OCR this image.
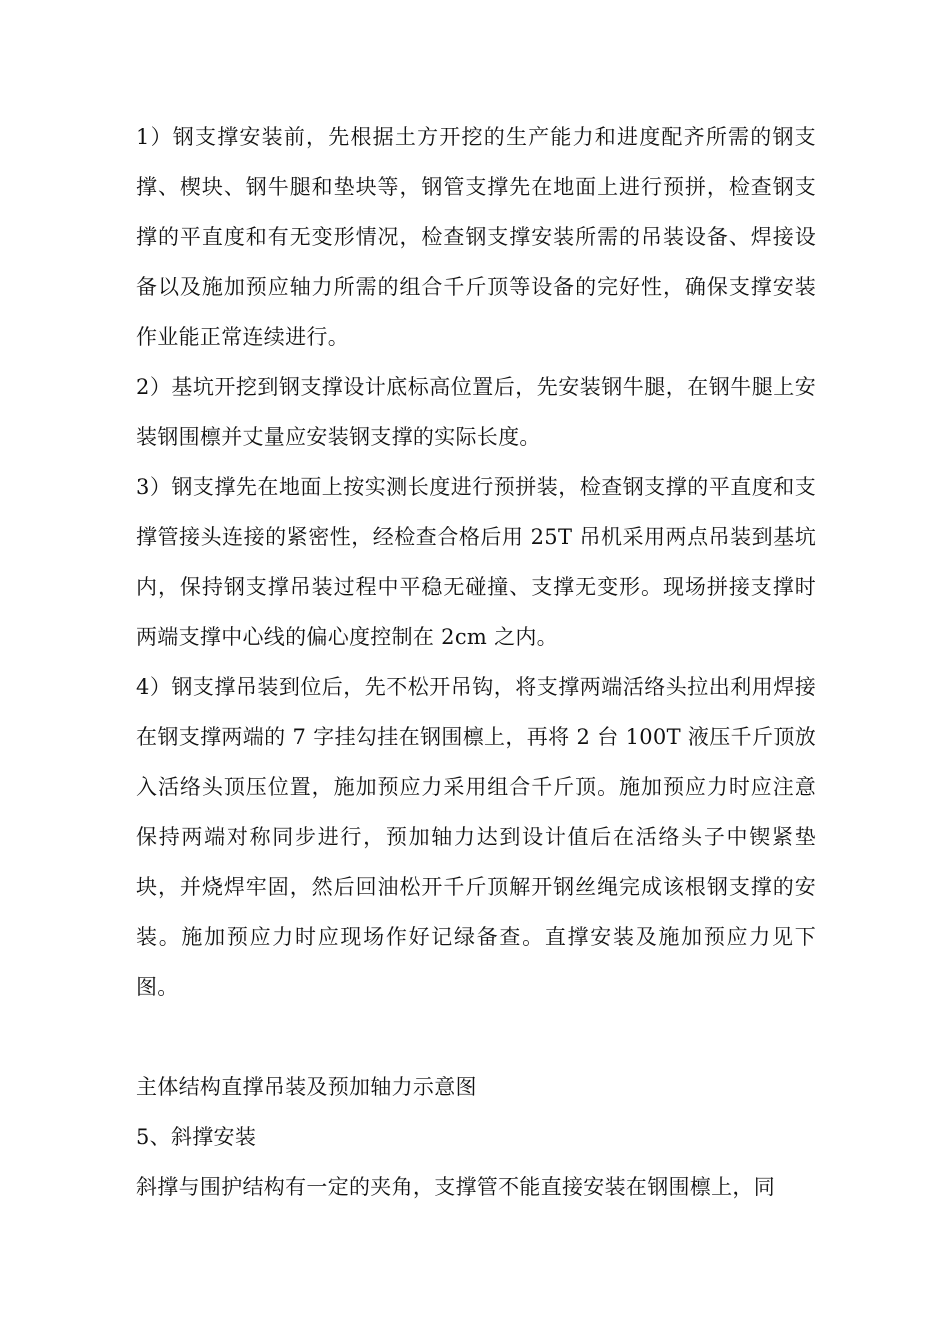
1）钢支撑安装前，先根据土方开挖的生产能力和进度配齐所需的钢支撑、楔块、钢牛腿和垫块等，钢管支撑先在地面上进行预拼，检查钢支撑的平直度和有无变形情况，检查钢支撑安装所需的吊装设备、焊接设备以及施加预应轴力所需的组合千斤顶等设备的完好性，确保支撑安装作业能正常连续进行。

2）基坑开挖到钢支撑设计底标高位置后，先安装钢牛腿，在钢牛腿上安装钢围檩并丈量应安装钢支撑的实际长度。

3）钢支撑先在地面上按实测长度进行预拼装，检查钢支撑的平直度和支撑管接头连接的紧密性，经检查合格后用 25T 吊机采用两点吊装到基坑内，保持钢支撑吊装过程中平稳无碰撞、支撑无变形。现场拼接支撑时两端支撑中心线的偏心度控制在 2cm 之内。

4）钢支撑吊装到位后，先不松开吊钩，将支撑两端活络头拉出利用焊接在钢支撑两端的 7 字挂勾挂在钢围檩上，再将 2 台 100T 液压千斤顶放入活络头顶压位置，施加预应力采用组合千斤顶。施加预应力时应注意保持两端对称同步进行，预加轴力达到设计值后在活络头子中锲紧垫块，并烧焊牢固，然后回油松开千斤顶解开钢丝绳完成该根钢支撑的安装。施加预应力时应现场作好记绿备查。直撑安装及施加预应力见下图。

主体结构直撑吊装及预加轴力示意图

5、斜撑安装

斜撑与围护结构有一定的夹角，支撑管不能直接安装在钢围檩上，同
